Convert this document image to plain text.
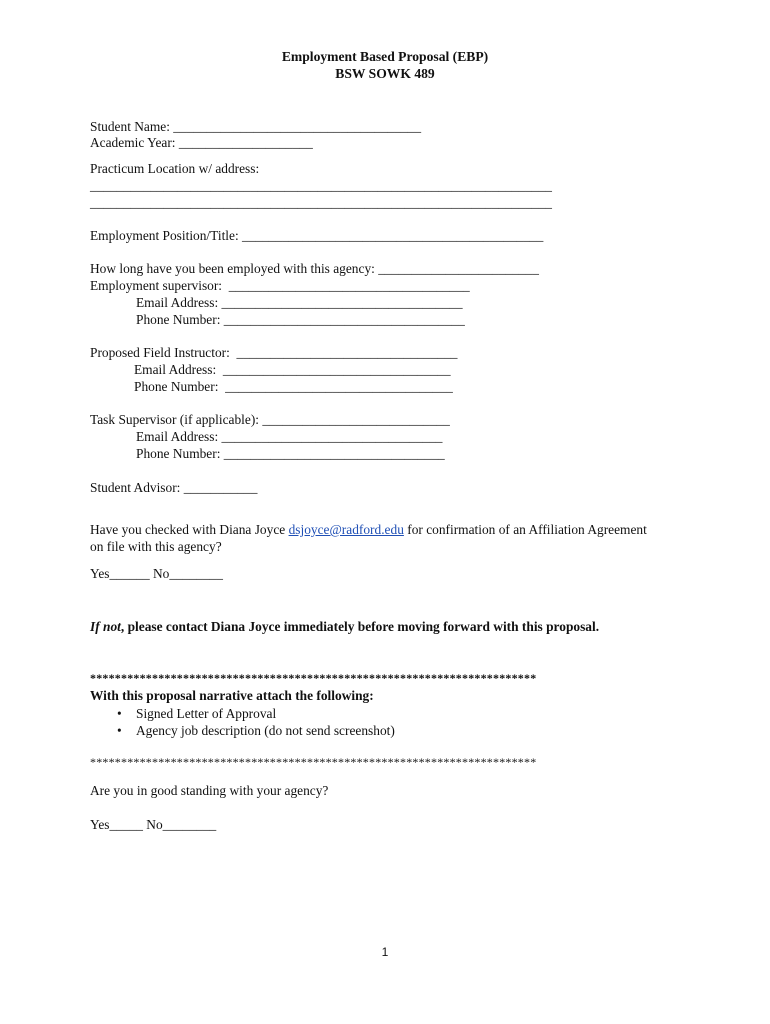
Employment Based Proposal (EBP)
BSW SOWK 489
Student Name: _____________________________________
Academic Year: ____________________
Practicum Location w/ address:
_____________________________________________________________________
_____________________________________________________________________
Employment Position/Title: _____________________________________________
How long have you been employed with this agency: ________________________
Employment supervisor:  ____________________________________
Email Address: ____________________________________
Phone Number: ____________________________________
Proposed Field Instructor:  _________________________________
Email Address:  __________________________________
Phone Number:  __________________________________
Task Supervisor (if applicable): ____________________________
Email Address: _________________________________
Phone Number: _________________________________
Student Advisor: ___________
Have you checked with Diana Joyce dsjoyce@radford.edu for confirmation of an Affiliation Agreement
on file with this agency?
Yes______ No________
If not, please contact Diana Joyce immediately before moving forward with this proposal.
************************************************************************
With this proposal narrative attach the following:
• Signed Letter of Approval
• Agency job description (do not send screenshot)
************************************************************************
Are you in good standing with your agency?
Yes_____ No________
1
